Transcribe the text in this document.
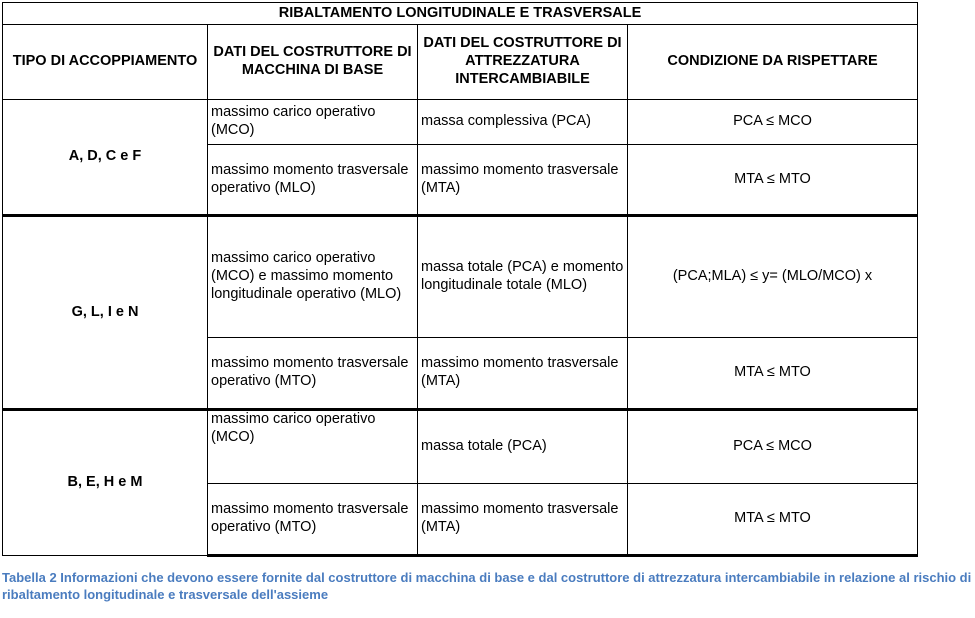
RIBALTAMENTO LONGITUDINALE E TRASVERSALE			
TIPO DI ACCOPPIAMENTO	DATI DEL COSTRUTTORE DI MACCHINA DI BASE	DATI DEL COSTRUTTORE DI ATTREZZATURA INTERCAMBIABILE	CONDIZIONE DA RISPETTARE
A, D, C e F	massimo carico operativo (MCO)	massa complessiva (PCA)	PCA ≤ MCO
	massimo momento trasversale operativo (MLO)	massimo momento trasversale (MTA)	MTA ≤ MTO
G, L, I e N	massimo carico operativo (MCO) e massimo momento longitudinale operativo (MLO)	massa totale (PCA) e momento longitudinale totale (MLO)	(PCA;MLA) ≤ y= (MLO/MCO) x
	massimo momento trasversale operativo (MTO)	massimo momento trasversale (MTA)	MTA ≤ MTO
B, E, H e M	massimo carico operativo (MCO)	massa totale (PCA)	PCA ≤ MCO
	massimo momento trasversale operativo (MTO)	massimo momento trasversale (MTA)	MTA ≤ MTO
Tabella 2 Informazioni che devono essere fornite dal costruttore di macchina di base e dal costruttore di attrezzatura intercambiabile in relazione al rischio di ribaltamento longitudinale e trasversale dell'assieme
